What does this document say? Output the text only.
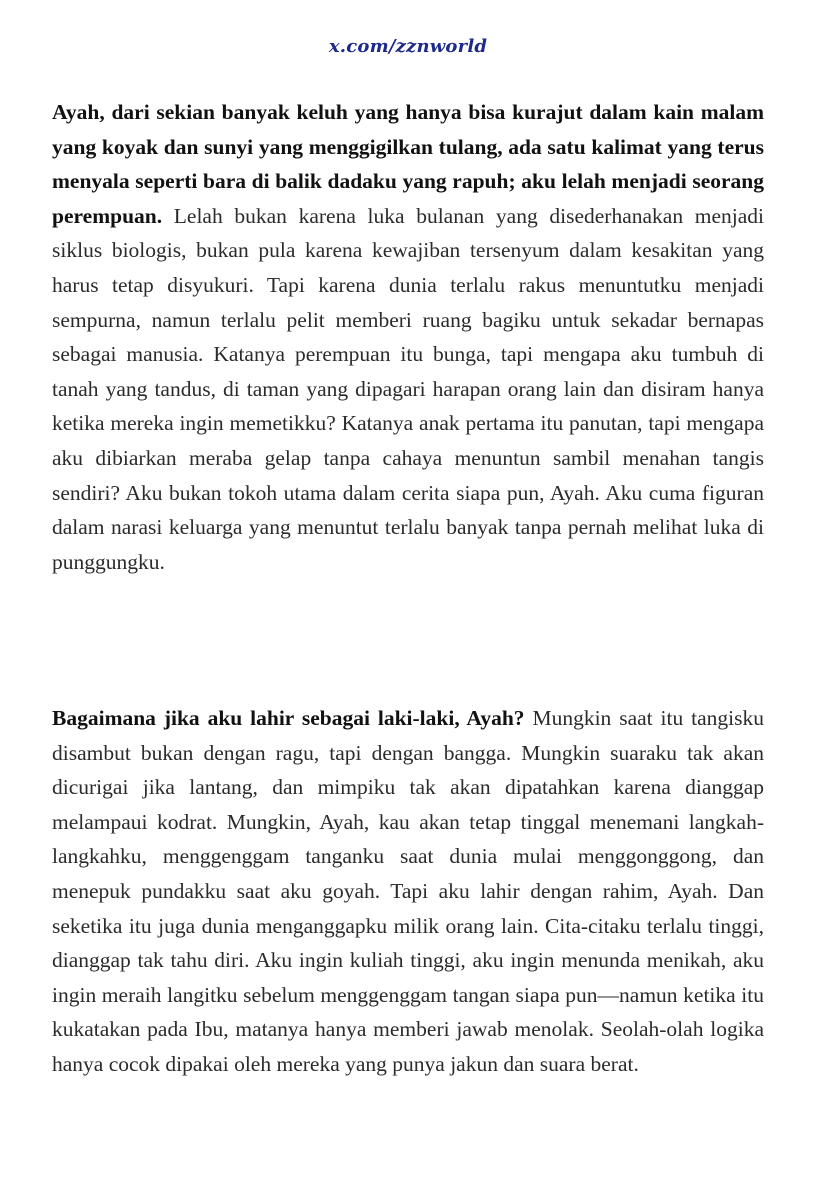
x.com/zznworld

Ayah, dari sekian banyak keluh yang hanya bisa kurajut dalam kain malam yang koyak dan sunyi yang menggigilkan tulang, ada satu kalimat yang terus menyala seperti bara di balik dadaku yang rapuh; aku lelah menjadi seorang perempuan. Lelah bukan karena luka bulanan yang disederhanakan menjadi siklus biologis, bukan pula karena kewajiban tersenyum dalam kesakitan yang harus tetap disyukuri. Tapi karena dunia terlalu rakus menuntutku menjadi sempurna, namun terlalu pelit memberi ruang bagiku untuk sekadar bernapas sebagai manusia. Katanya perempuan itu bunga, tapi mengapa aku tumbuh di tanah yang tandus, di taman yang dipagari harapan orang lain dan disiram hanya ketika mereka ingin memetikku? Katanya anak pertama itu panutan, tapi mengapa aku dibiarkan meraba gelap tanpa cahaya menuntun sambil menahan tangis sendiri? Aku bukan tokoh utama dalam cerita siapa pun, Ayah. Aku cuma figuran dalam narasi keluarga yang menuntut terlalu banyak tanpa pernah melihat luka di punggungku.

Bagaimana jika aku lahir sebagai laki-laki, Ayah? Mungkin saat itu tangisku disambut bukan dengan ragu, tapi dengan bangga. Mungkin suaraku tak akan dicurigai jika lantang, dan mimpiku tak akan dipatahkan karena dianggap melampaui kodrat. Mungkin, Ayah, kau akan tetap tinggal menemani langkah-langkahku, menggenggam tanganku saat dunia mulai menggonggong, dan menepuk pundakku saat aku goyah. Tapi aku lahir dengan rahim, Ayah. Dan seketika itu juga dunia menganggapku milik orang lain. Cita-citaku terlalu tinggi, dianggap tak tahu diri. Aku ingin kuliah tinggi, aku ingin menunda menikah, aku ingin meraih langitku sebelum menggenggam tangan siapa pun—namun ketika itu kukatakan pada Ibu, matanya hanya memberi jawab menolak. Seolah-olah logika hanya cocok dipakai oleh mereka yang punya jakun dan suara berat.
